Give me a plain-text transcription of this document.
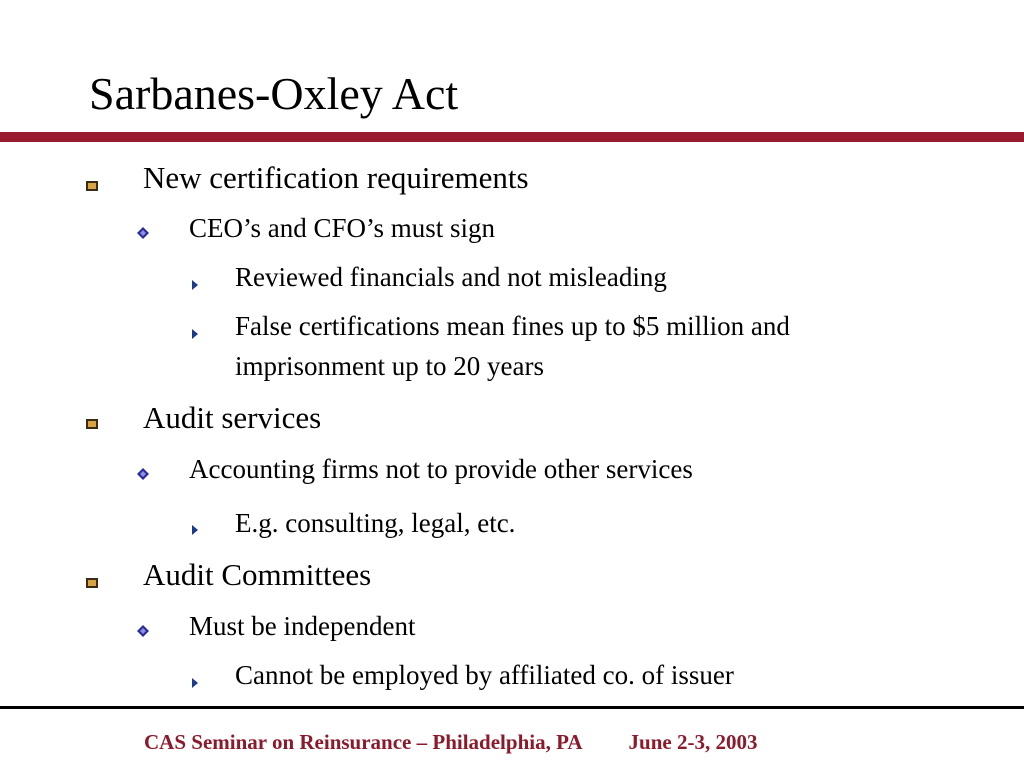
Sarbanes-Oxley Act
New certification requirements
CEO’s and CFO’s must sign
Reviewed financials and not misleading
False certifications mean fines up to $5 million and
imprisonment up to 20 years
Audit services
Accounting firms not to provide other services
E.g. consulting, legal, etc.
Audit Committees
Must be independent
Cannot be employed by affiliated co. of issuer
CAS Seminar on Reinsurance – Philadelphia, PA June 2-3, 2003
